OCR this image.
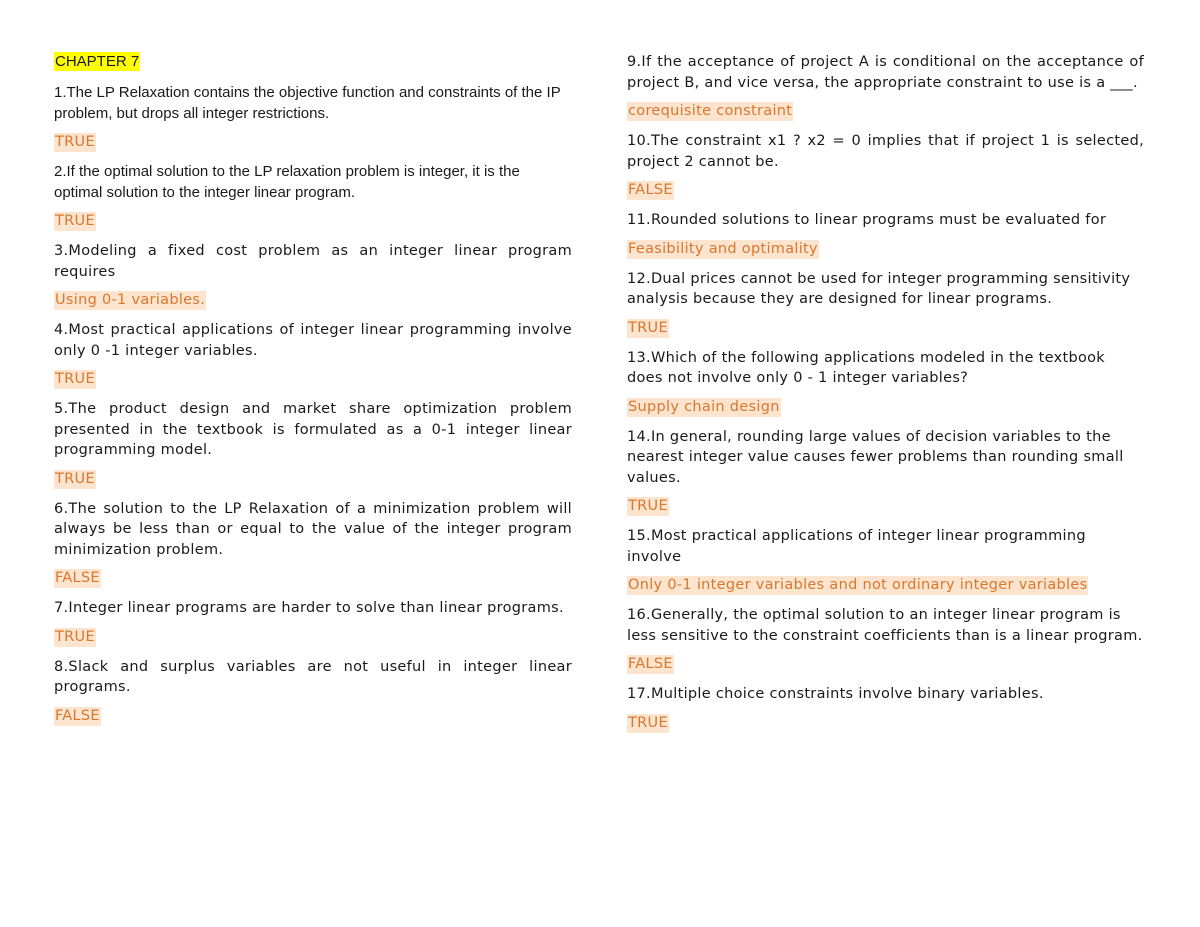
CHAPTER 7

1.The LP Relaxation contains the objective function and constraints of the IP problem, but drops all integer restrictions.

TRUE

2.If the optimal solution to the LP relaxation problem is integer, it is the optimal solution to the integer linear program.

TRUE

3.Modeling a fixed cost problem as an integer linear program requires

Using 0-1 variables.

4.Most practical applications of integer linear programming involve only 0 -1 integer variables.

TRUE

5.The product design and market share optimization problem presented in the textbook is formulated as a 0-1 integer linear programming model.

TRUE

6.The solution to the LP Relaxation of a minimization problem will always be less than or equal to the value of the integer program minimization problem.

FALSE

7.Integer linear programs are harder to solve than linear programs.

TRUE

8.Slack and surplus variables are not useful in integer linear programs.

FALSE

9.If the acceptance of project A is conditional on the acceptance of project B, and vice versa, the appropriate constraint to use is a ___.

corequisite constraint

10.The constraint x1 ? x2 = 0 implies that if project 1 is selected, project 2 cannot be.

FALSE

11.Rounded solutions to linear programs must be evaluated for

Feasibility and optimality

12.Dual prices cannot be used for integer programming sensitivity analysis because they are designed for linear programs.

TRUE

13.Which of the following applications modeled in the textbook does not involve only 0 - 1 integer variables?

Supply chain design

14.In general, rounding large values of decision variables to the nearest integer value causes fewer problems than rounding small values.

TRUE

15.Most practical applications of integer linear programming involve

Only 0-1 integer variables and not ordinary integer variables

16.Generally, the optimal solution to an integer linear program is less sensitive to the constraint coefficients than is a linear program.

FALSE

17.Multiple choice constraints involve binary variables.

TRUE
